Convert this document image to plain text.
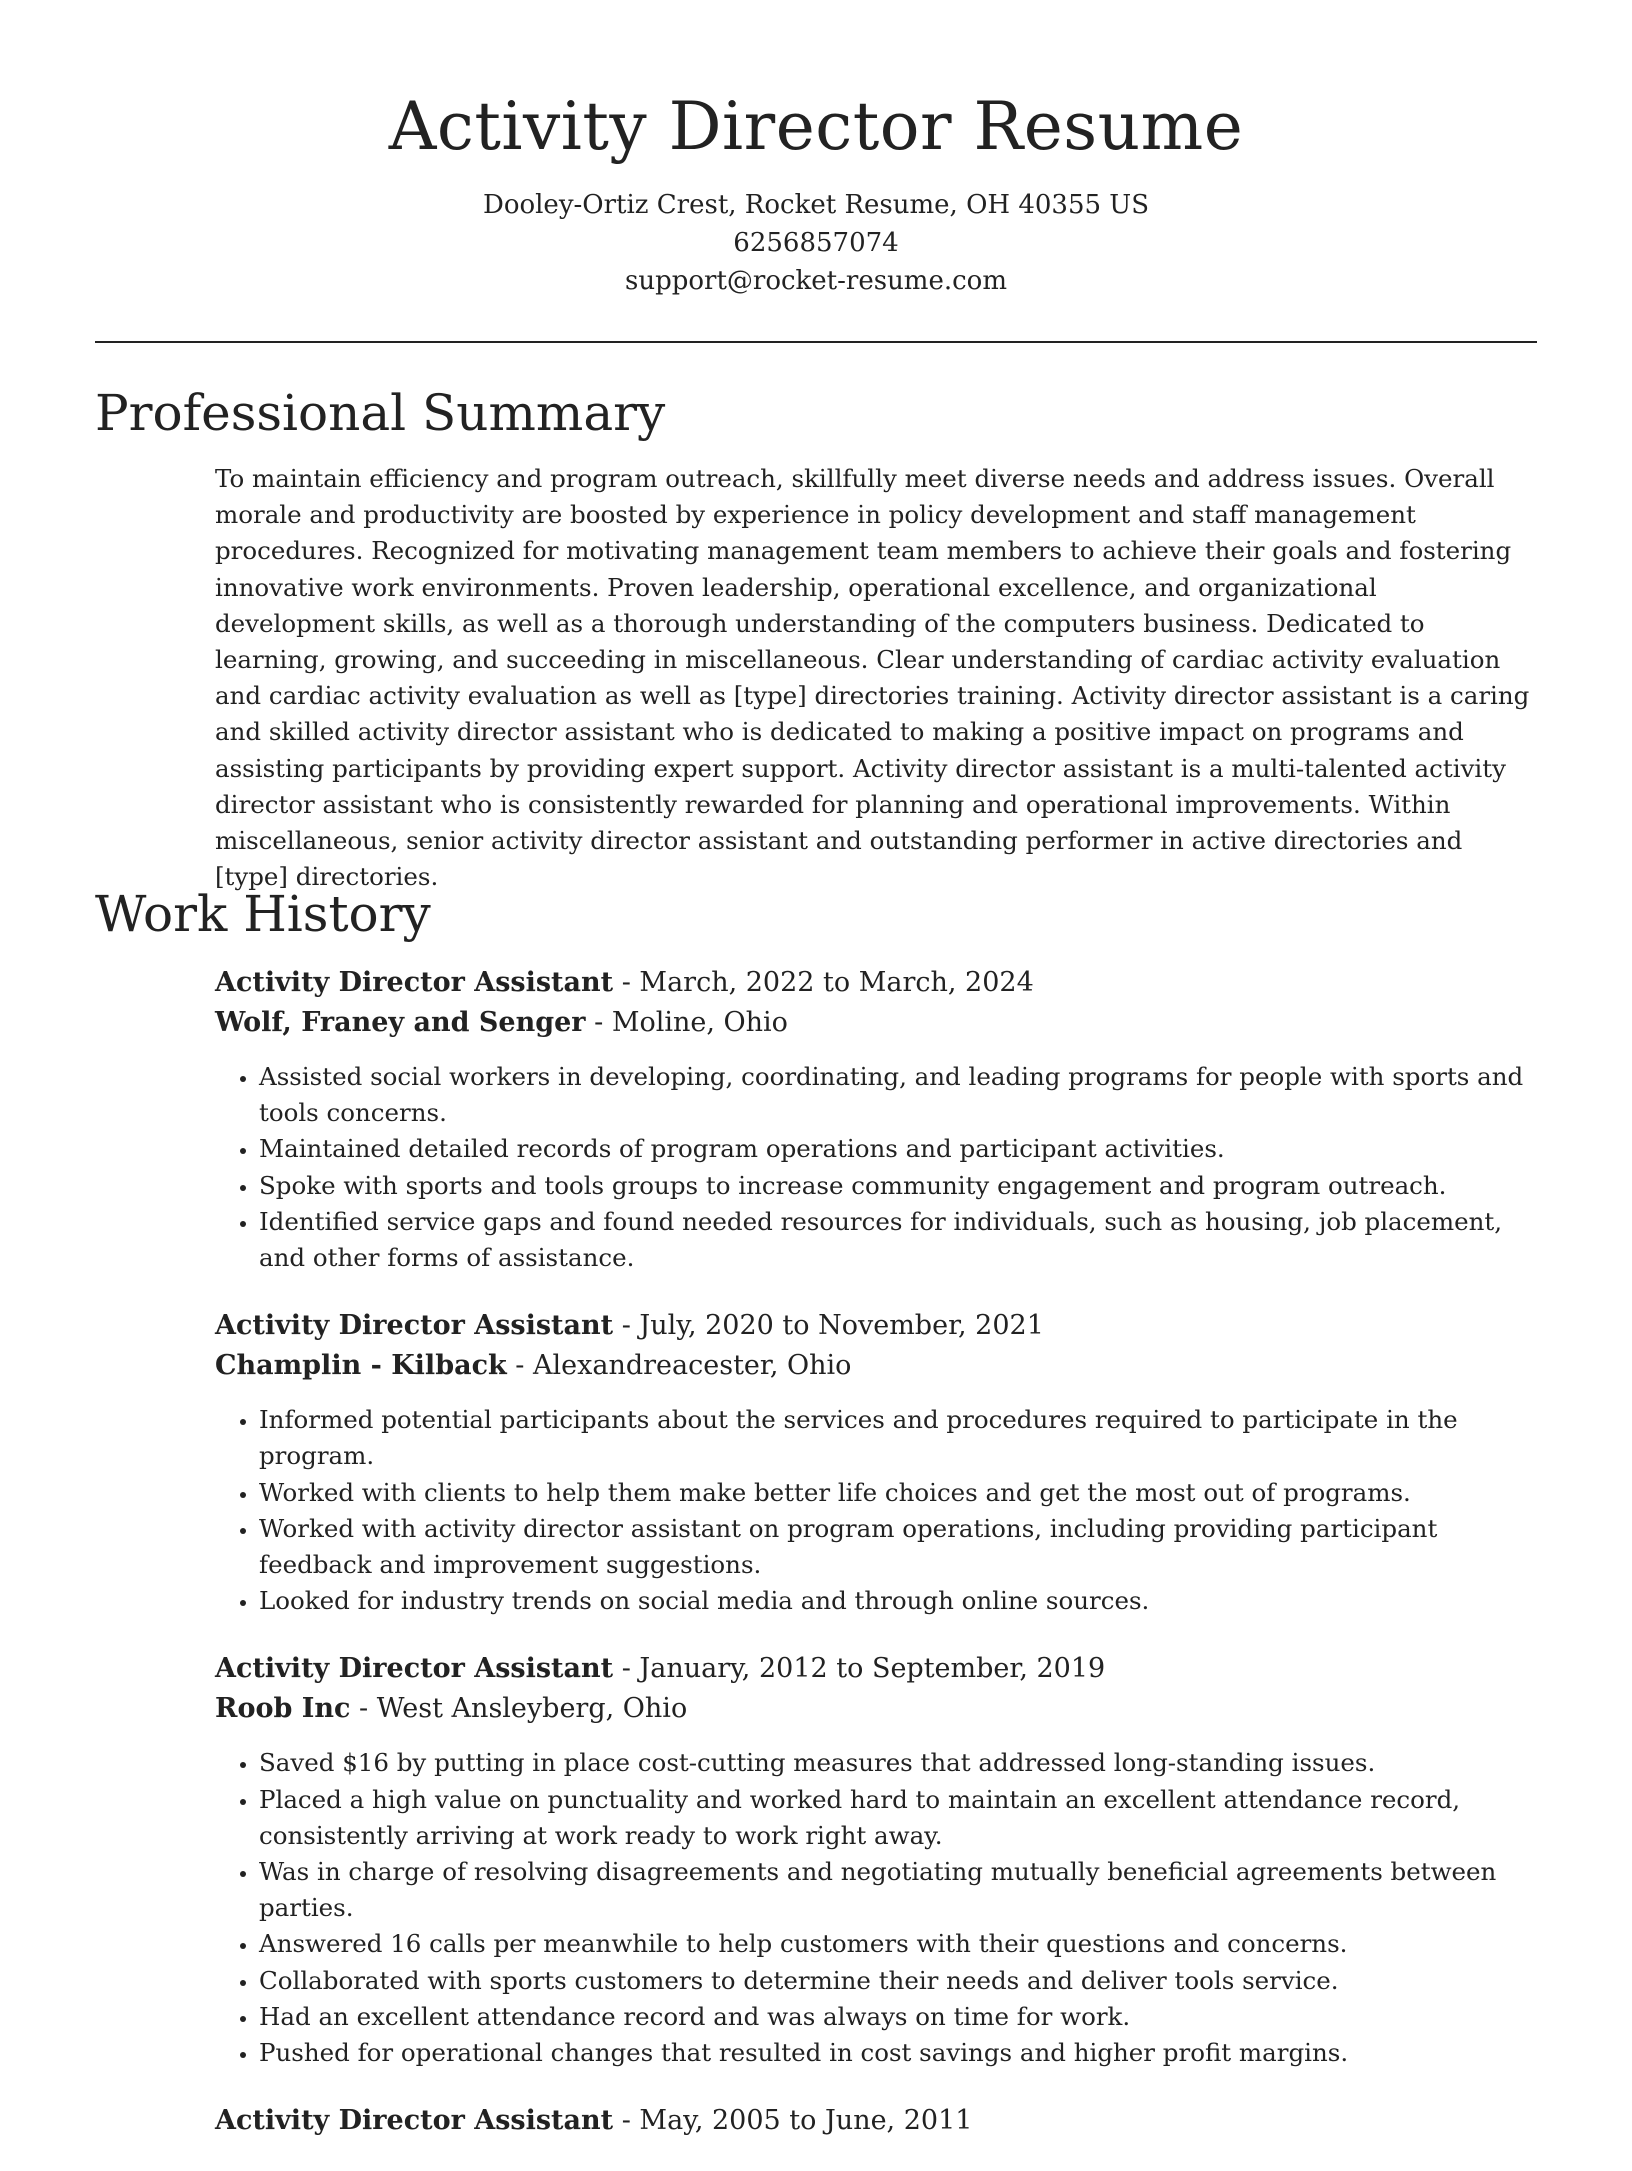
Activity Director Resume
Dooley-Ortiz Crest, Rocket Resume, OH 40355 US
6256857074
support@rocket-resume.com
Professional Summary

To maintain efficiency and program outreach, skillfully meet diverse needs and address issues. Overall morale and productivity are boosted by experience in policy development and staff management procedures. Recognized for motivating management team members to achieve their goals and fostering innovative work environments. Proven leadership, operational excellence, and organizational development skills, as well as a thorough understanding of the computers business. Dedicated to learning, growing, and succeeding in miscellaneous. Clear understanding of cardiac activity evaluation and cardiac activity evaluation as well as [type] directories training. Activity director assistant is a caring and skilled activity director assistant who is dedicated to making a positive impact on programs and assisting participants by providing expert support. Activity director assistant is a multi-talented activity director assistant who is consistently rewarded for planning and operational improvements. Within miscellaneous, senior activity director assistant and outstanding performer in active directories and [type] directories.

Work History

Activity Director Assistant - March, 2022 to March, 2024

Wolf, Franey and Senger - Moline, Ohio

• Assisted social workers in developing, coordinating, and leading programs for people with sports and tools concerns.
• Maintained detailed records of program operations and participant activities.
• Spoke with sports and tools groups to increase community engagement and program outreach.
• Identified service gaps and found needed resources for individuals, such as housing, job placement, and other forms of assistance.

Activity Director Assistant - July, 2020 to November, 2021

Champlin - Kilback - Alexandreacester, Ohio

• Informed potential participants about the services and procedures required to participate in the program.
• Worked with clients to help them make better life choices and get the most out of programs.
• Worked with activity director assistant on program operations, including providing participant feedback and improvement suggestions.
• Looked for industry trends on social media and through online sources.

Activity Director Assistant - January, 2012 to September, 2019

Roob Inc - West Ansleyberg, Ohio

• Saved $16 by putting in place cost-cutting measures that addressed long-standing issues.
• Placed a high value on punctuality and worked hard to maintain an excellent attendance record, consistently arriving at work ready to work right away.
• Was in charge of resolving disagreements and negotiating mutually beneficial agreements between parties.
• Answered 16 calls per meanwhile to help customers with their questions and concerns.
• Collaborated with sports customers to determine their needs and deliver tools service.
• Had an excellent attendance record and was always on time for work.
• Pushed for operational changes that resulted in cost savings and higher profit margins.

Activity Director Assistant - May, 2005 to June, 2011
